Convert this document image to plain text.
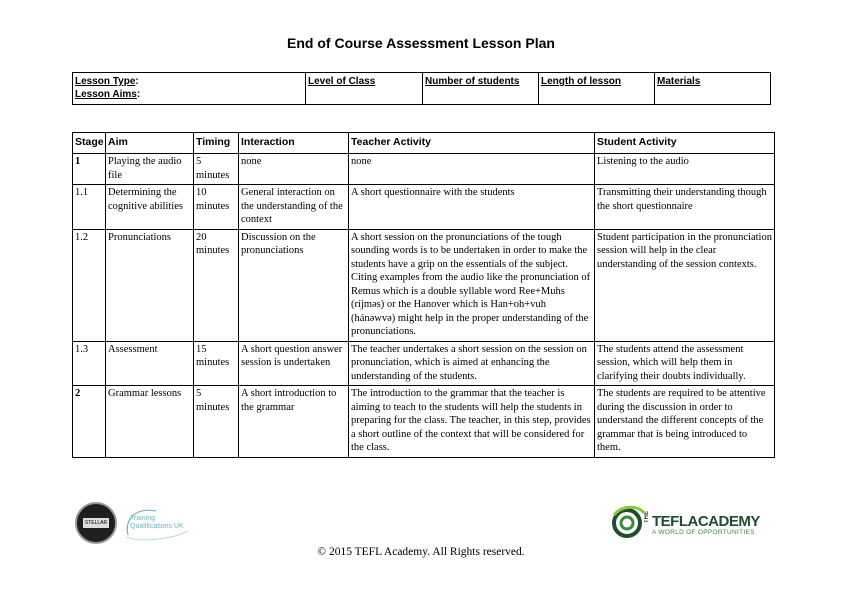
End of Course Assessment Lesson Plan
Lesson Type:
Lesson Aims:
Level of Class	Number of students	Length of lesson	Materials
Stage	Aim	Timing	Interaction	Teacher Activity	Student Activity
1	Playing the audio file	5 minutes	none	none	Listening to the audio
1.1	Determining the cognitive abilities	10 minutes	General interaction on the understanding of the context	A short questionnaire with the students	Transmitting their understanding though the short questionnaire
1.2	Pronunciations	20 minutes	Discussion on the pronunciations	A short session on the pronunciations of the tough sounding words is to be undertaken in order to make the students have a grip on the essentials of the subject. Citing examples from the audio like the pronunciation of Remus which is a double syllable word Ree+Muhs (ríjməs) or the Hanover which is Han+oh+vuh (hánəwvə) might help in the proper understanding of the pronunciations.	Student participation in the pronunciation session will help in the clear understanding of the session contexts.
1.3	Assessment	15 minutes	A short question answer session is undertaken	The teacher undertakes a short session on the session on pronunciation, which is aimed at enhancing the understanding of the students.	The students attend the assessment session, which will help them in clarifying their doubts individually.
2	Grammar lessons	5 minutes	A short introduction to the grammar	The introduction to the grammar that the teacher is aiming to teach to the students will help the students in preparing for the class. The teacher, in this step, provides a short outline of the context that will be considered for the class.	The students are required to be attentive during the discussion in order to understand the different concepts of the grammar that is being introduced to them.
STELLAR
Training
Qualifications UK
THE TEFLACADEMY
A WORLD OF OPPORTUNITIES
© 2015 TEFL Academy. All Rights reserved.
